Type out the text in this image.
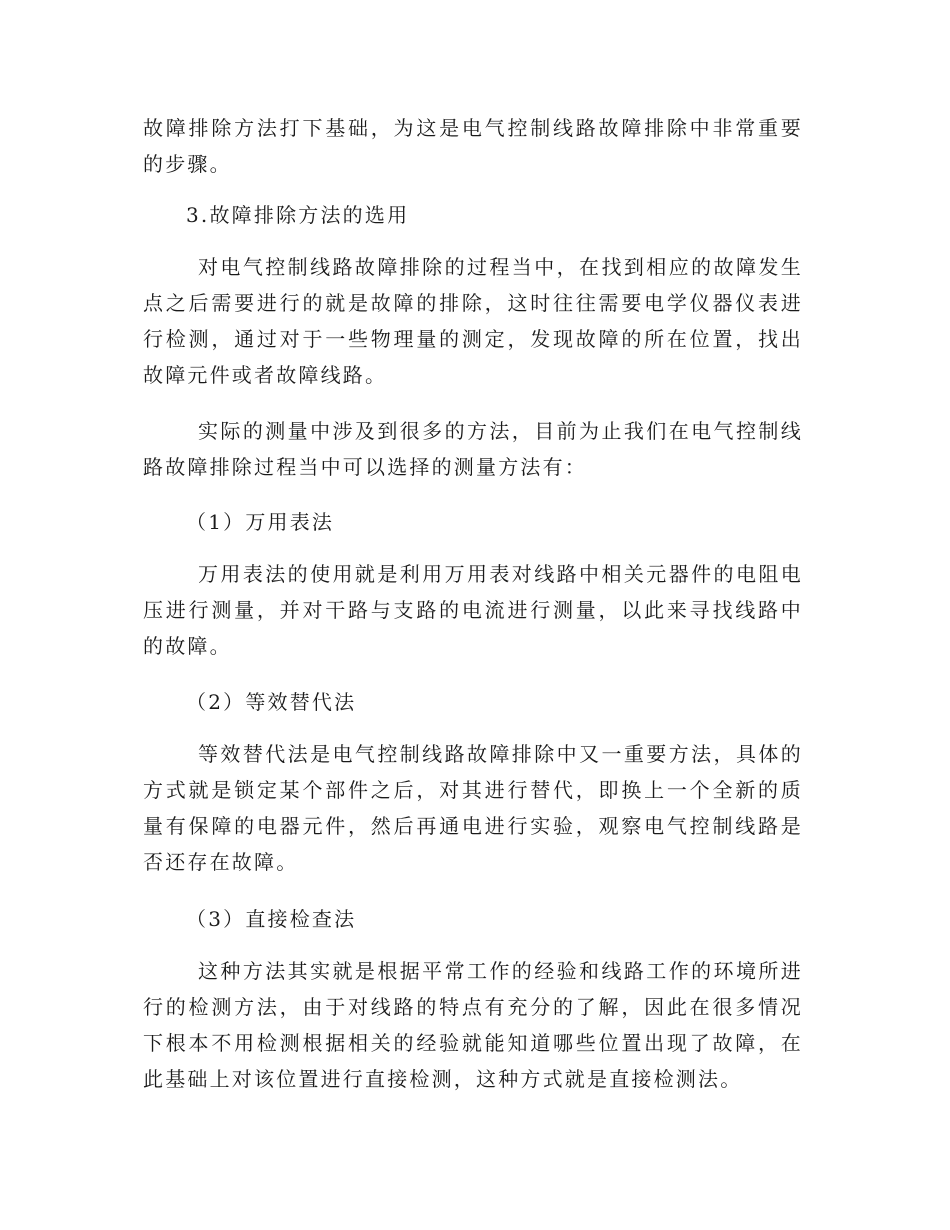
故障排除方法打下基础，为这是电气控制线路故障排除中非常重要的步骤。

3.故障排除方法的选用

对电气控制线路故障排除的过程当中，在找到相应的故障发生点之后需要进行的就是故障的排除，这时往往需要电学仪器仪表进行检测，通过对于一些物理量的测定，发现故障的所在位置，找出故障元件或者故障线路。

实际的测量中涉及到很多的方法，目前为止我们在电气控制线路故障排除过程当中可以选择的测量方法有：

（1）万用表法

万用表法的使用就是利用万用表对线路中相关元器件的电阻电压进行测量，并对干路与支路的电流进行测量，以此来寻找线路中的故障。

（2）等效替代法

等效替代法是电气控制线路故障排除中又一重要方法，具体的方式就是锁定某个部件之后，对其进行替代，即换上一个全新的质量有保障的电器元件，然后再通电进行实验，观察电气控制线路是否还存在故障。

（3）直接检查法

这种方法其实就是根据平常工作的经验和线路工作的环境所进行的检测方法，由于对线路的特点有充分的了解，因此在很多情况下根本不用检测根据相关的经验就能知道哪些位置出现了故障，在此基础上对该位置进行直接检测，这种方式就是直接检测法。
